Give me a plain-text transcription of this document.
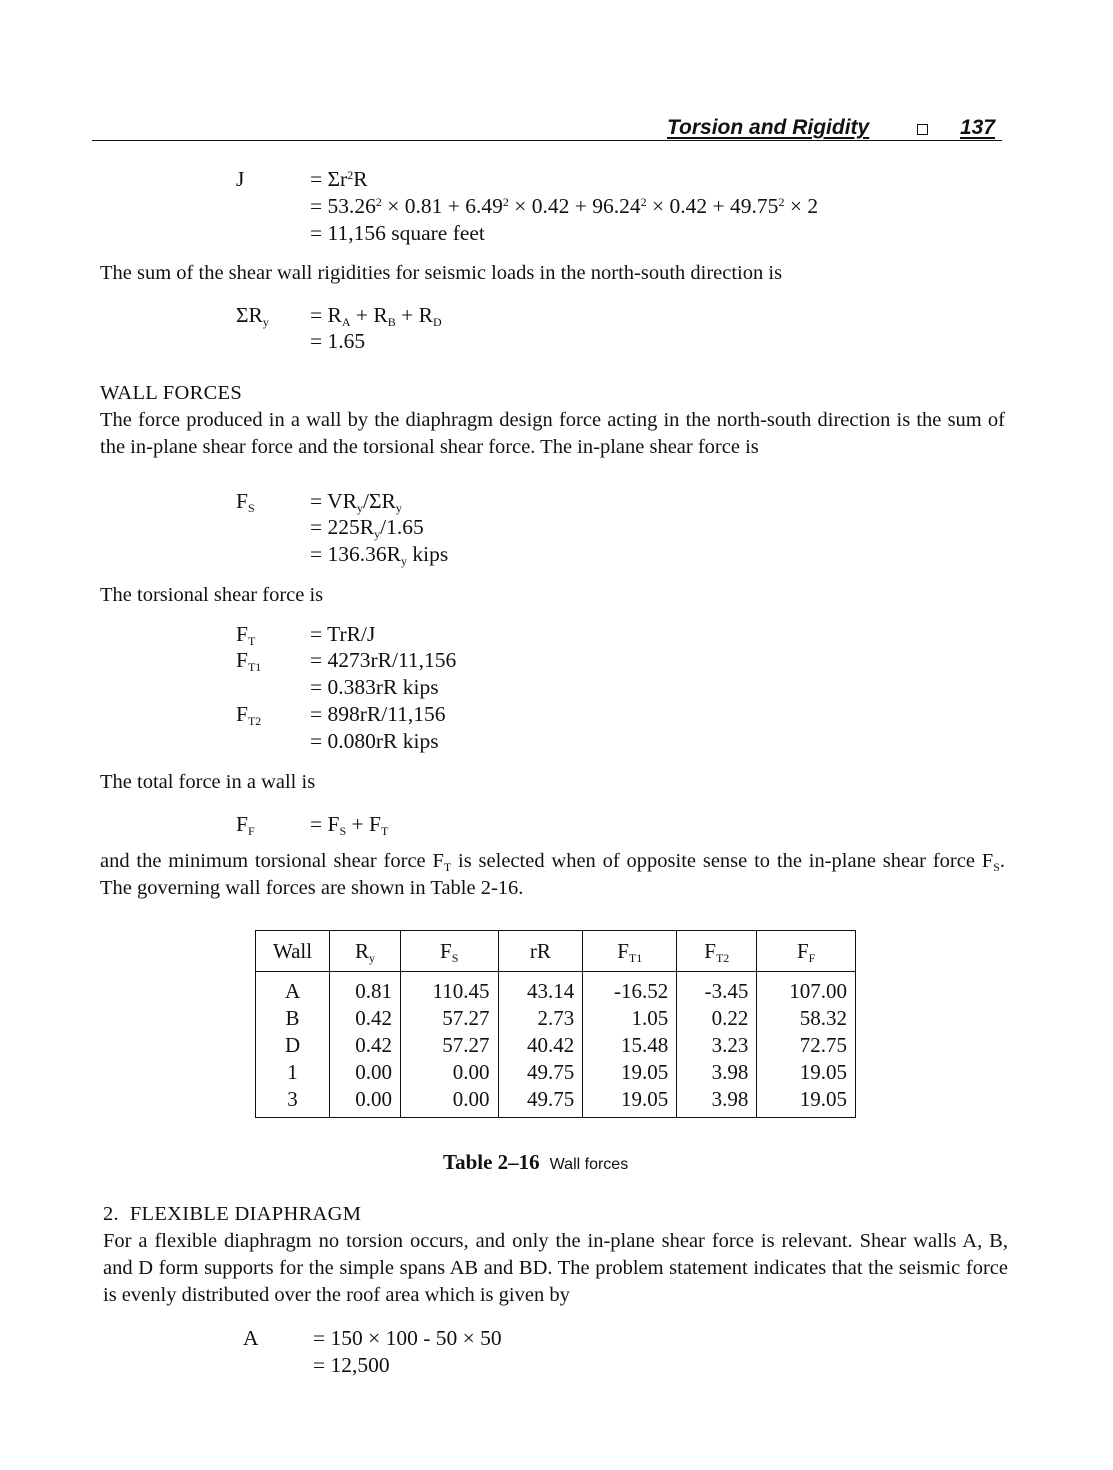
Torsion and Rigidity	137
J	= $\Sigma r^2R$
= $53.26^2 \times 0.81 + 6.49^2 \times 0.42 + 96.24^2 \times 0.42 + 49.75^2 \times 2$
= 11,156 square feet
The sum of the shear wall rigidities for seismic loads in the north-south direction is
$\Sigma R_y = R_A + R_B + R_D$
= 1.65
WALL FORCES
The force produced in a wall by the diaphragm design force acting in the north-south direction is the sum of the in-plane shear force and the torsional shear force. The in-plane shear force is
$F_S$	= $VR_y/\Sigma R_y$
= $225R_y/1.65$
= $136.36R_y$ kips
The torsional shear force is
$F_T$	= TrR/J
$F_{T1} = 4273rR/11,156$
= 0.383rR kips
$F_{T2} = 898rR/11,156$
= 0.080rR kips
The total force in a wall is
$F_F$	= $F_S + F_T$
and the minimum torsional shear force $F_T$ is selected when of opposite sense to the in-plane shear force $F_S$. The governing wall forces are shown in Table 2-16.
Wall	$R_y$	$F_S$	rR	$F_{T1}$	$F_{T2}$	$F_F$
A	0.81	110.45	43.14	-16.52	-3.45	107.00
B	0.42	57.27	2.73	1.05	0.22	58.32
D	0.42	57.27	40.42	15.48	3.23	72.75
1	0.00	0.00	49.75	19.05	3.98	19.05
3	0.00	0.00	49.75	19.05	3.98	19.05
Table 2–16 Wall forces
2.  FLEXIBLE DIAPHRAGM
For a flexible diaphragm no torsion occurs, and only the in-plane shear force is relevant. Shear walls A, B, and D form supports for the simple spans AB and BD. The problem statement indicates that the seismic force is evenly distributed over the roof area which is given by
A	= 150 × 100 - 50 × 50
= 12,500
